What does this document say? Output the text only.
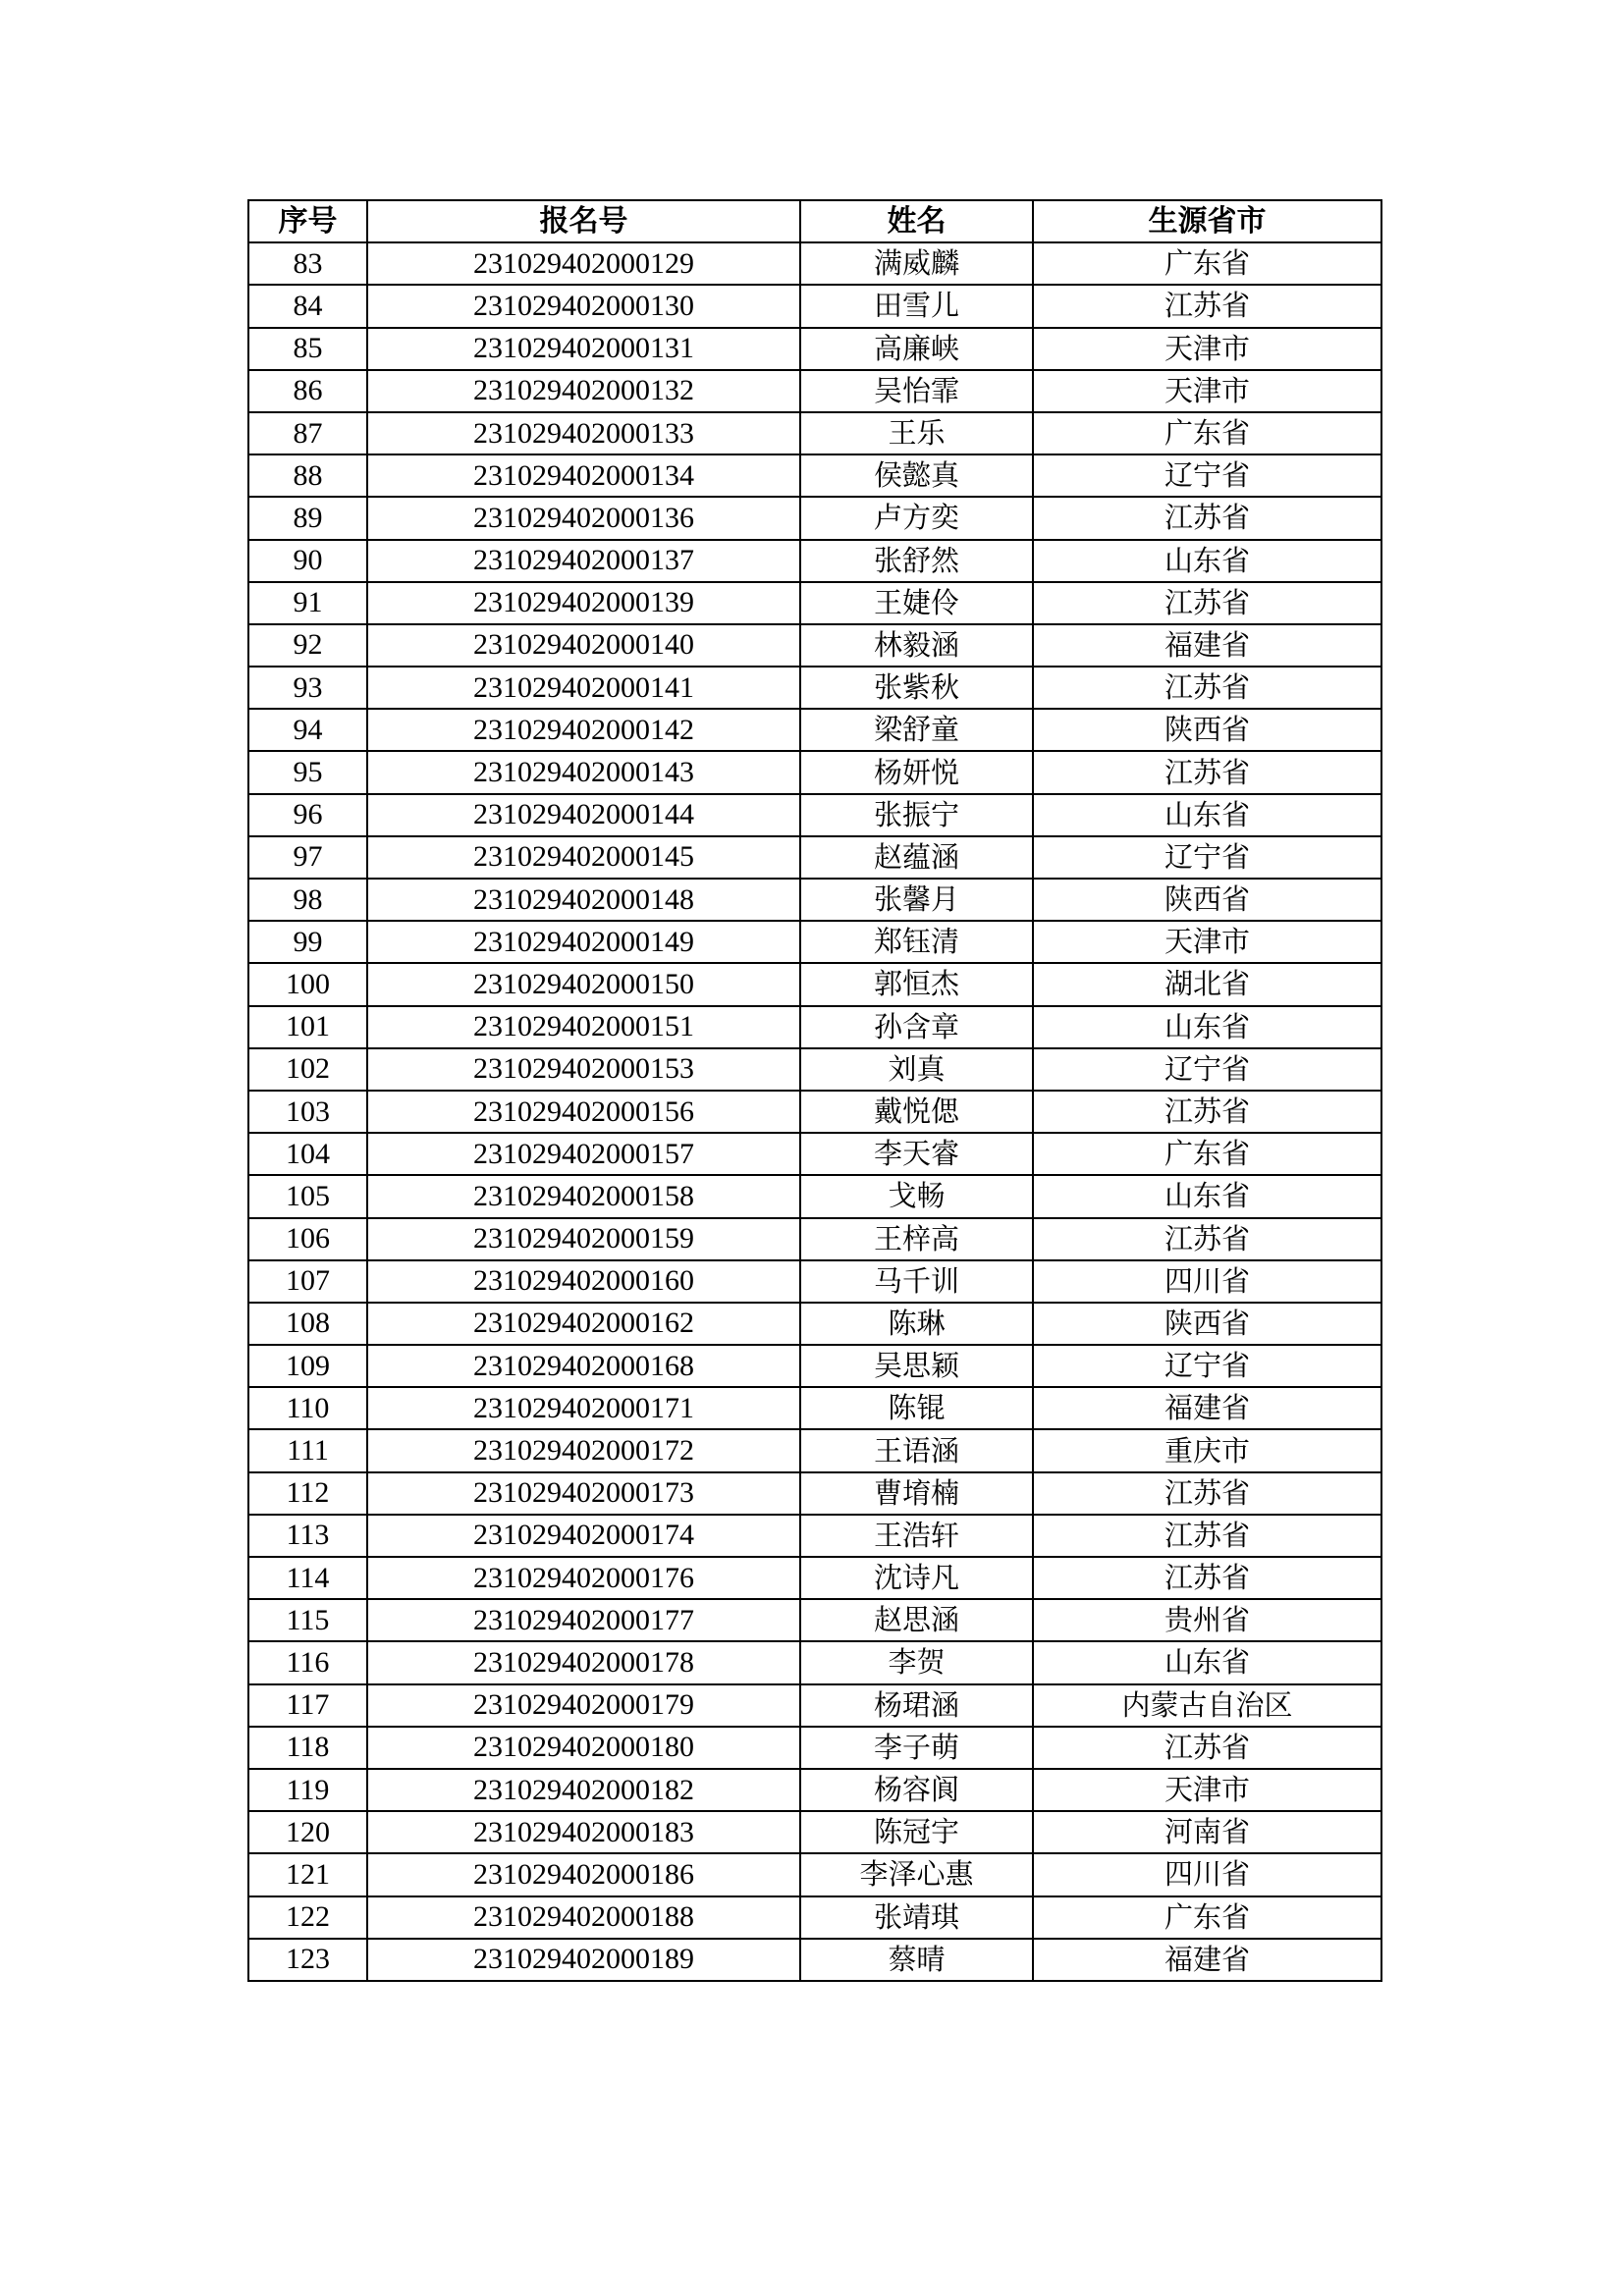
序号	报名号	姓名	生源省市
83	231029402000129	满威麟	广东省
84	231029402000130	田雪儿	江苏省
85	231029402000131	高廉峡	天津市
86	231029402000132	吴怡霏	天津市
87	231029402000133	王乐	广东省
88	231029402000134	侯懿真	辽宁省
89	231029402000136	卢方奕	江苏省
90	231029402000137	张舒然	山东省
91	231029402000139	王婕伶	江苏省
92	231029402000140	林毅涵	福建省
93	231029402000141	张紫秋	江苏省
94	231029402000142	梁舒童	陕西省
95	231029402000143	杨妍悦	江苏省
96	231029402000144	张振宁	山东省
97	231029402000145	赵蕴涵	辽宁省
98	231029402000148	张馨月	陕西省
99	231029402000149	郑钰清	天津市
100	231029402000150	郭恒杰	湖北省
101	231029402000151	孙含章	山东省
102	231029402000153	刘真	辽宁省
103	231029402000156	戴悦偲	江苏省
104	231029402000157	李天睿	广东省
105	231029402000158	戈畅	山东省
106	231029402000159	王梓高	江苏省
107	231029402000160	马千训	四川省
108	231029402000162	陈琳	陕西省
109	231029402000168	吴思颖	辽宁省
110	231029402000171	陈锟	福建省
111	231029402000172	王语涵	重庆市
112	231029402000173	曹堉楠	江苏省
113	231029402000174	王浩轩	江苏省
114	231029402000176	沈诗凡	江苏省
115	231029402000177	赵思涵	贵州省
116	231029402000178	李贺	山东省
117	231029402000179	杨珺涵	内蒙古自治区
118	231029402000180	李子萌	江苏省
119	231029402000182	杨容阆	天津市
120	231029402000183	陈冠宇	河南省
121	231029402000186	李泽心惠	四川省
122	231029402000188	张靖琪	广东省
123	231029402000189	蔡晴	福建省
